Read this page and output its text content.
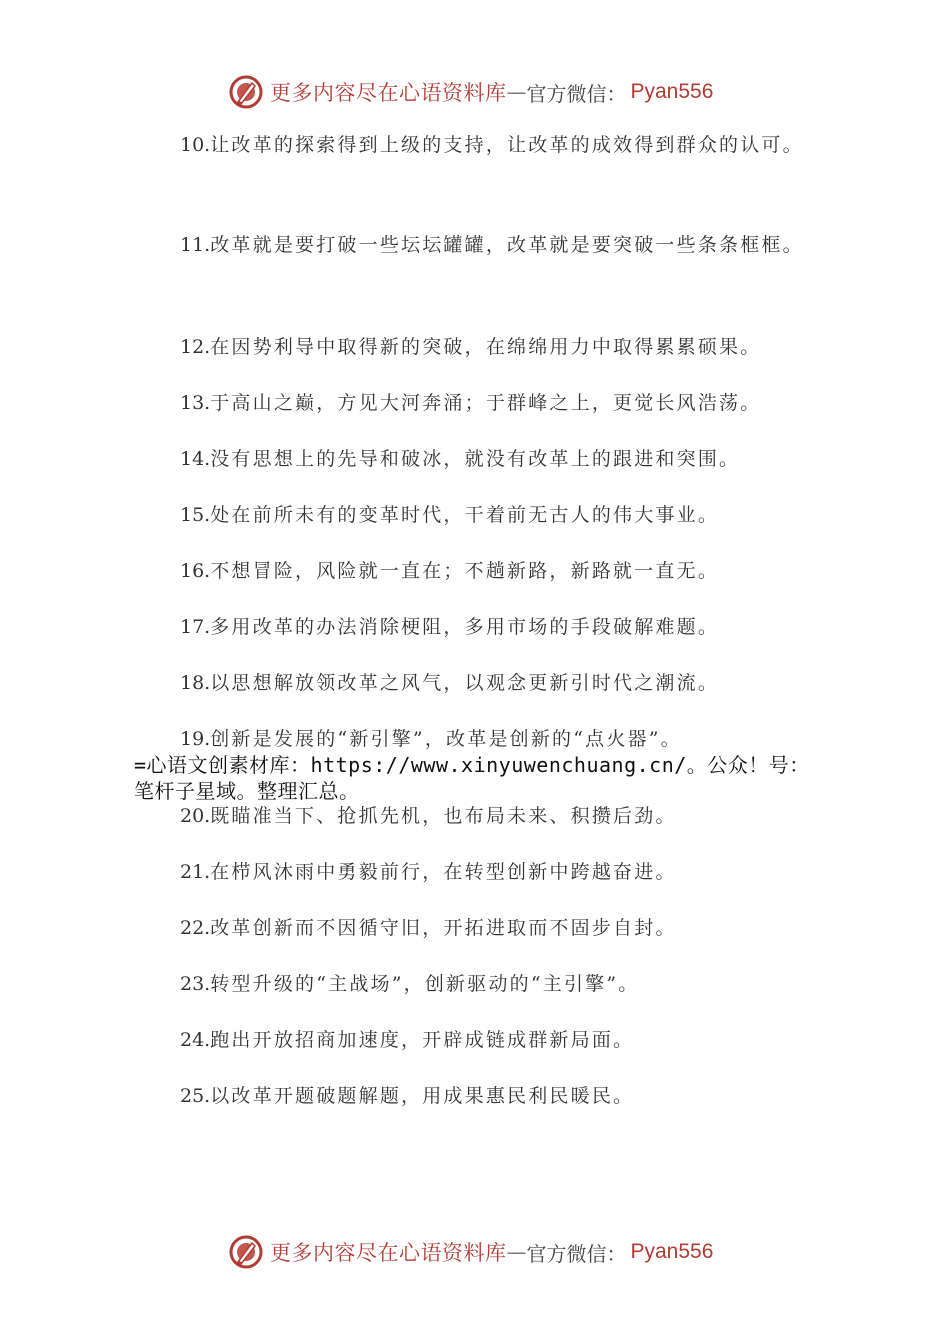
更多内容尽在心语资料库 — 官方微信： Pyan556
10.让改革的探索得到上级的支持，让改革的成效得到群众的认可。
11.改革就是要打破一些坛坛罐罐，改革就是要突破一些条条框框。
12.在因势利导中取得新的突破，在绵绵用力中取得累累硕果。
13.于高山之巅，方见大河奔涌；于群峰之上，更觉长风浩荡。
14.没有思想上的先导和破冰，就没有改革上的跟进和突围。
15.处在前所未有的变革时代，干着前无古人的伟大事业。
16.不想冒险，风险就一直在；不趟新路，新路就一直无。
17.多用改革的办法消除梗阻，多用市场的手段破解难题。
18.以思想解放领改革之风气，以观念更新引时代之潮流。
19.创新是发展的“新引擎”，改革是创新的“点火器”。
=心语文创素材库：https://www.xinyuwenchuang.cn/。公众！号：笔杆子星域。整理汇总。
20.既瞄准当下、抢抓先机，也布局未来、积攒后劲。
21.在栉风沐雨中勇毅前行，在转型创新中跨越奋进。
22.改革创新而不因循守旧，开拓进取而不固步自封。
23.转型升级的“主战场”，创新驱动的“主引擎”。
24.跑出开放招商加速度，开辟成链成群新局面。
25.以改革开题破题解题，用成果惠民利民暖民。
更多内容尽在心语资料库 — 官方微信： Pyan556
